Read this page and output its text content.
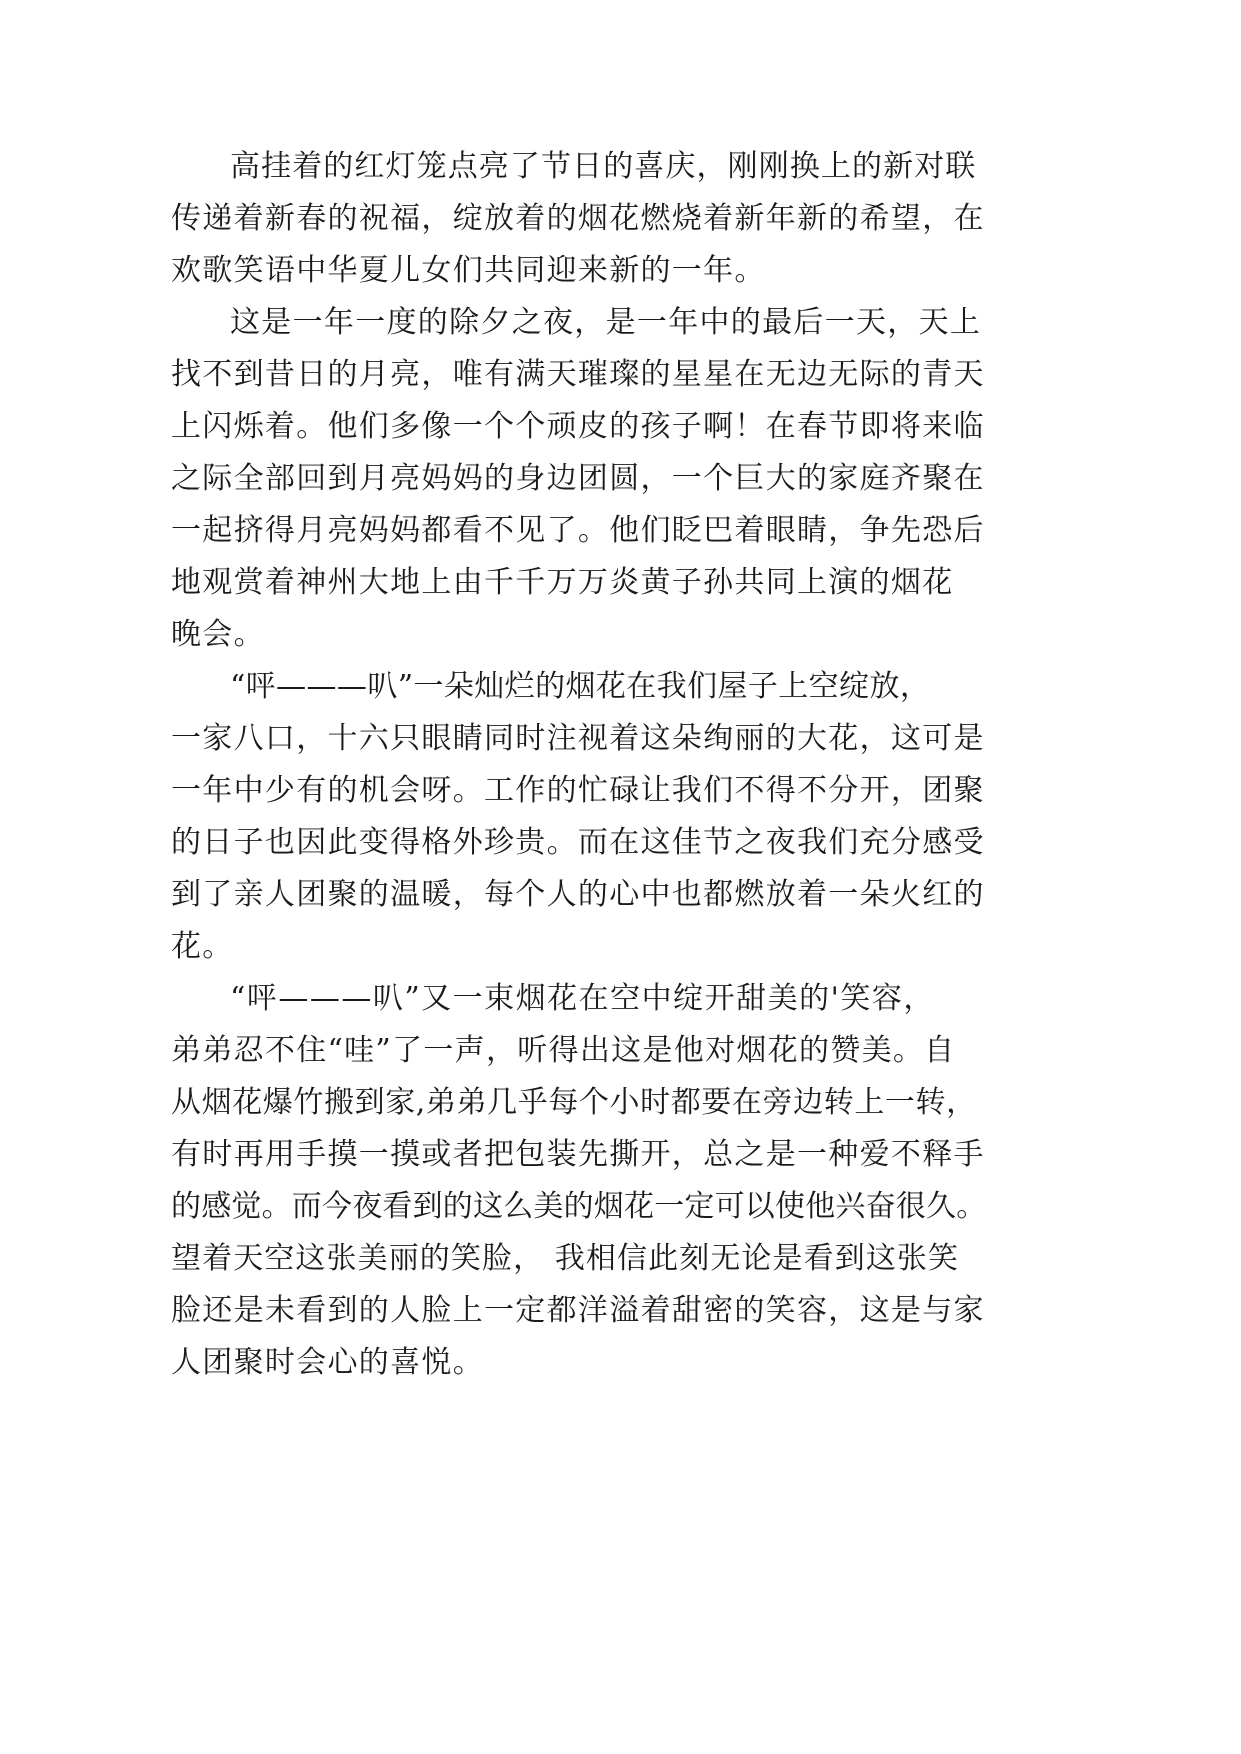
高挂着的红灯笼点亮了节日的喜庆，刚刚换上的新对联
传递着新春的祝福，绽放着的烟花燃烧着新年新的希望，在
欢歌笑语中华夏儿女们共同迎来新的一年。
这是一年一度的除夕之夜，是一年中的最后一天，天上
找不到昔日的月亮，唯有满天璀璨的星星在无边无际的青天
上闪烁着。他们多像一个个顽皮的孩子啊！在春节即将来临
之际全部回到月亮妈妈的身边团圆，一个巨大的家庭齐聚在
一起挤得月亮妈妈都看不见了。他们眨巴着眼睛，争先恐后
地观赏着神州大地上由千千万万炎黄子孙共同上演的烟花
晚会。
“呯———叭”一朵灿烂的烟花在我们屋子上空绽放，
一家八口，十六只眼睛同时注视着这朵绚丽的大花，这可是
一年中少有的机会呀。工作的忙碌让我们不得不分开，团聚
的日子也因此变得格外珍贵。而在这佳节之夜我们充分感受
到了亲人团聚的温暖，每个人的心中也都燃放着一朵火红的
花。
“呯———叭”又一束烟花在空中绽开甜美的'笑容，
弟弟忍不住“哇”了一声，听得出这是他对烟花的赞美。自
从烟花爆竹搬到家,弟弟几乎每个小时都要在旁边转上一转，
有时再用手摸一摸或者把包装先撕开，总之是一种爱不释手
的感觉。而今夜看到的这么美的烟花一定可以使他兴奋很久。
望着天空这张美丽的笑脸， 我相信此刻无论是看到这张笑
脸还是未看到的人脸上一定都洋溢着甜密的笑容，这是与家
人团聚时会心的喜悦。
